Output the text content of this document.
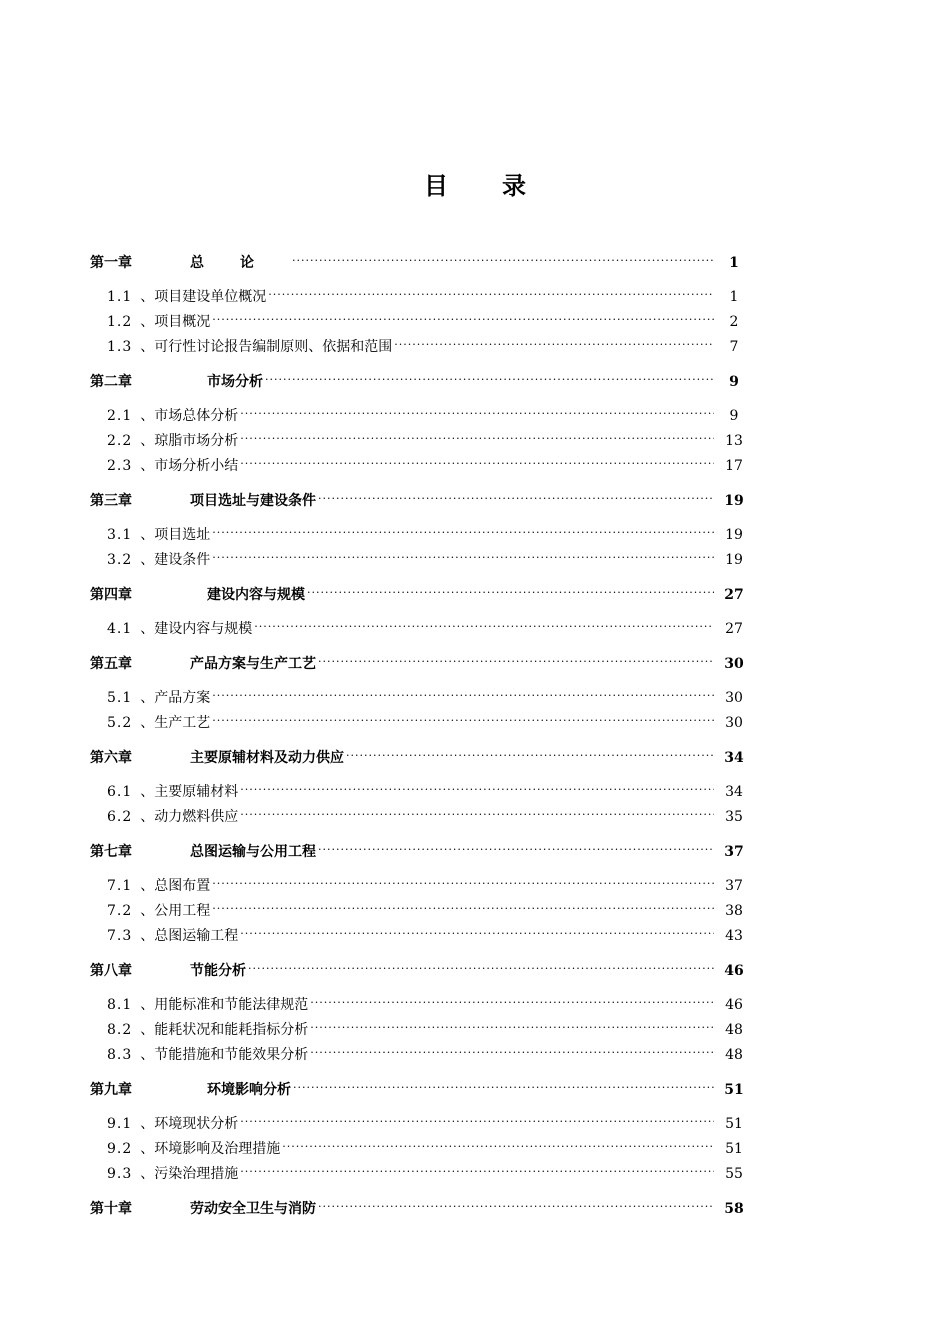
目录
第一章	总论 .....	1
1.1 、项目建设单位概况 .....	1
1.2 、项目概况 .....	2
1.3 、可行性讨论报告编制原则、依据和范围 .....	7
第二章	市场分析 .....	9
2.1 、市场总体分析 .....	9
2.2 、琼脂市场分析 .....	13
2.3 、市场分析小结 .....	17
第三章	项目选址与建设条件 .....	19
3.1 、项目选址 .....	19
3.2 、建设条件 .....	19
第四章	建设内容与规模 .....	27
4.1 、建设内容与规模 .....	27
第五章	产品方案与生产工艺 .....	30
5.1 、产品方案 .....	30
5.2 、生产工艺 .....	30
第六章	主要原辅材料及动力供应 .....	34
6.1 、主要原辅材料 .....	34
6.2 、动力燃料供应 .....	35
第七章	总图运输与公用工程 .....	37
7.1 、总图布置 .....	37
7.2 、公用工程 .....	38
7.3 、总图运输工程 .....	43
第八章	节能分析 .....	46
8.1 、用能标准和节能法律规范 .....	46
8.2 、能耗状况和能耗指标分析 .....	48
8.3 、节能措施和节能效果分析 .....	48
第九章	环境影响分析 .....	51
9.1 、环境现状分析 .....	51
9.2 、环境影响及治理措施 .....	51
9.3 、污染治理措施 .....	55
第十章	劳动安全卫生与消防 .....	58
